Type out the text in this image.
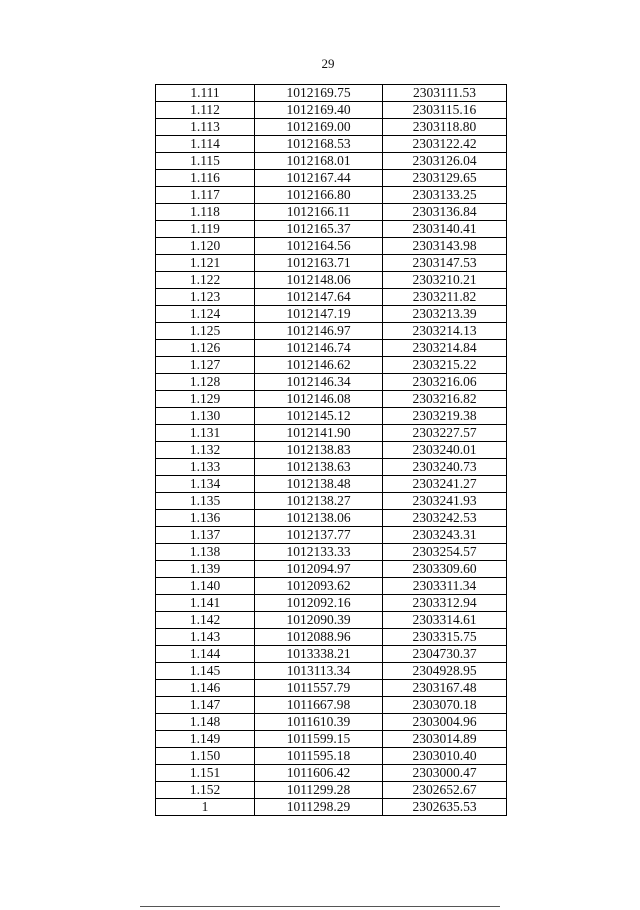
29
1.111	1012169.75	2303111.53
1.112	1012169.40	2303115.16
1.113	1012169.00	2303118.80
1.114	1012168.53	2303122.42
1.115	1012168.01	2303126.04
1.116	1012167.44	2303129.65
1.117	1012166.80	2303133.25
1.118	1012166.11	2303136.84
1.119	1012165.37	2303140.41
1.120	1012164.56	2303143.98
1.121	1012163.71	2303147.53
1.122	1012148.06	2303210.21
1.123	1012147.64	2303211.82
1.124	1012147.19	2303213.39
1.125	1012146.97	2303214.13
1.126	1012146.74	2303214.84
1.127	1012146.62	2303215.22
1.128	1012146.34	2303216.06
1.129	1012146.08	2303216.82
1.130	1012145.12	2303219.38
1.131	1012141.90	2303227.57
1.132	1012138.83	2303240.01
1.133	1012138.63	2303240.73
1.134	1012138.48	2303241.27
1.135	1012138.27	2303241.93
1.136	1012138.06	2303242.53
1.137	1012137.77	2303243.31
1.138	1012133.33	2303254.57
1.139	1012094.97	2303309.60
1.140	1012093.62	2303311.34
1.141	1012092.16	2303312.94
1.142	1012090.39	2303314.61
1.143	1012088.96	2303315.75
1.144	1013338.21	2304730.37
1.145	1013113.34	2304928.95
1.146	1011557.79	2303167.48
1.147	1011667.98	2303070.18
1.148	1011610.39	2303004.96
1.149	1011599.15	2303014.89
1.150	1011595.18	2303010.40
1.151	1011606.42	2303000.47
1.152	1011299.28	2302652.67
1	1011298.29	2302635.53
